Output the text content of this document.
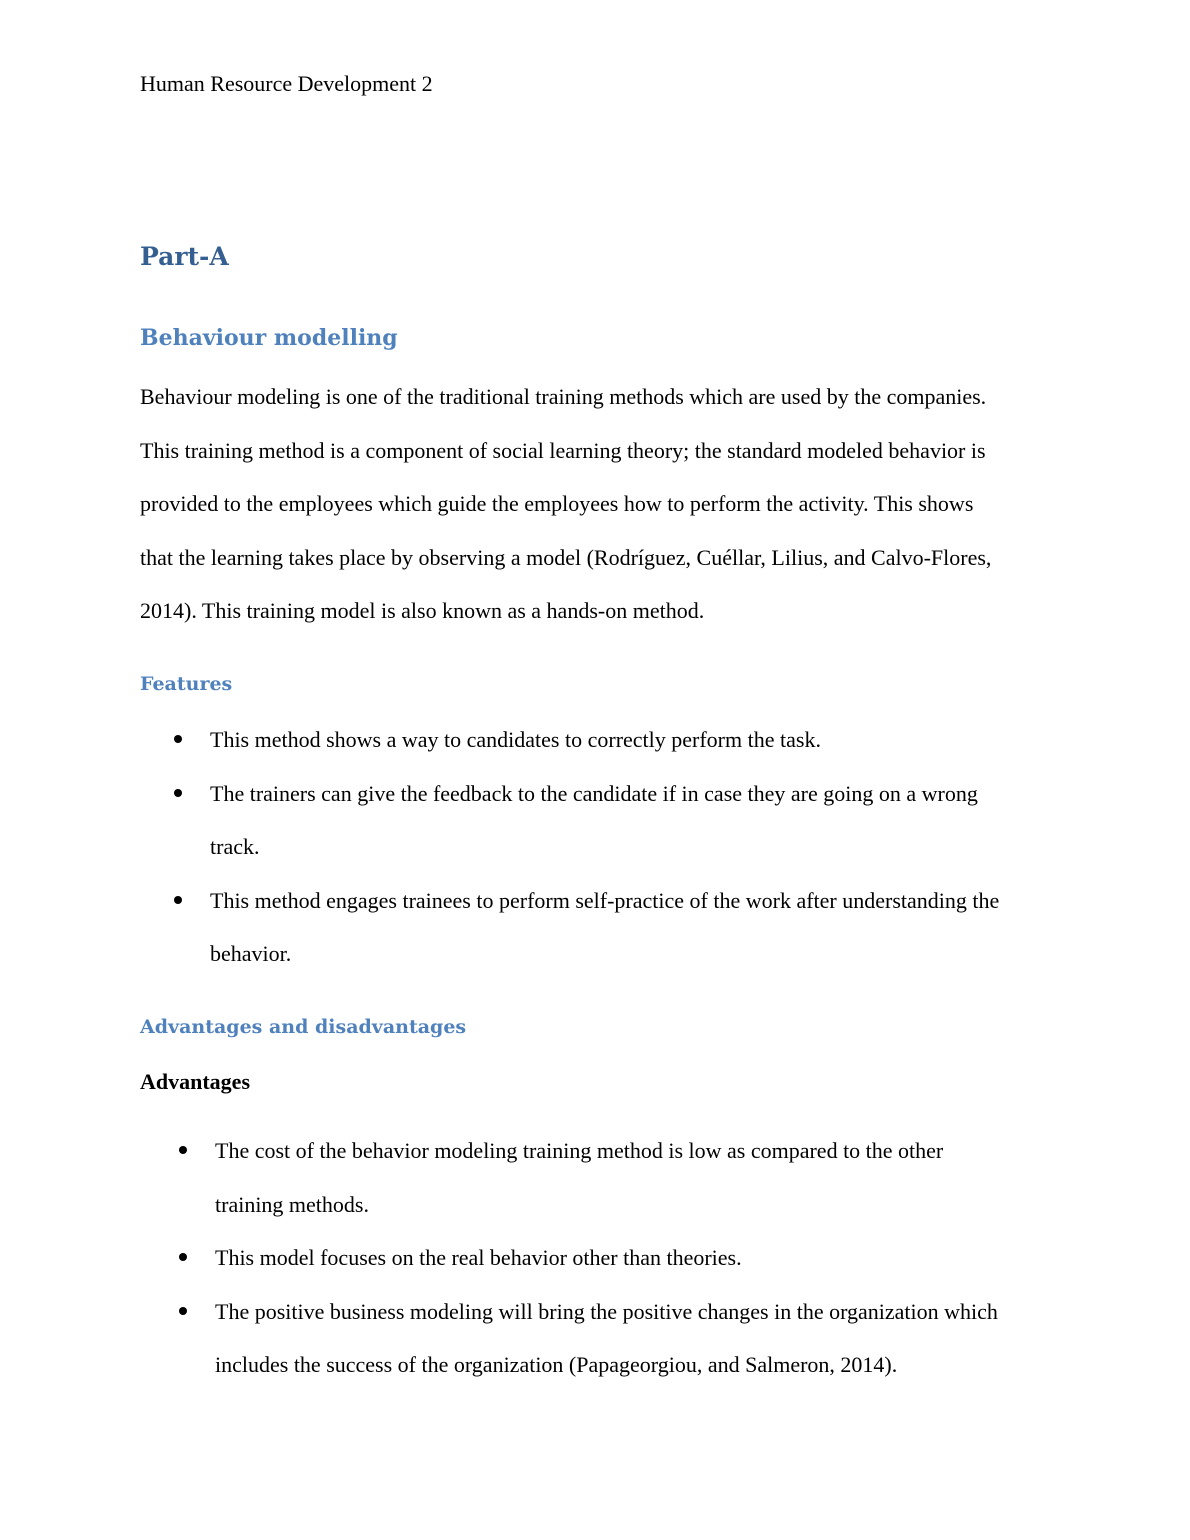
Human Resource Development 2
Part-A
Behaviour modelling
Behaviour modeling is one of the traditional training methods which are used by the companies.
This training method is a component of social learning theory; the standard modeled behavior is
provided to the employees which guide the employees how to perform the activity. This shows
that the learning takes place by observing a model (Rodríguez, Cuéllar, Lilius, and Calvo-Flores,
2014). This training model is also known as a hands-on method.
Features
This method shows a way to candidates to correctly perform the task.
The trainers can give the feedback to the candidate if in case they are going on a wrong
track.
This method engages trainees to perform self-practice of the work after understanding the
behavior.
Advantages and disadvantages
Advantages
The cost of the behavior modeling training method is low as compared to the other
training methods.
This model focuses on the real behavior other than theories.
The positive business modeling will bring the positive changes in the organization which
includes the success of the organization (Papageorgiou, and Salmeron, 2014).
